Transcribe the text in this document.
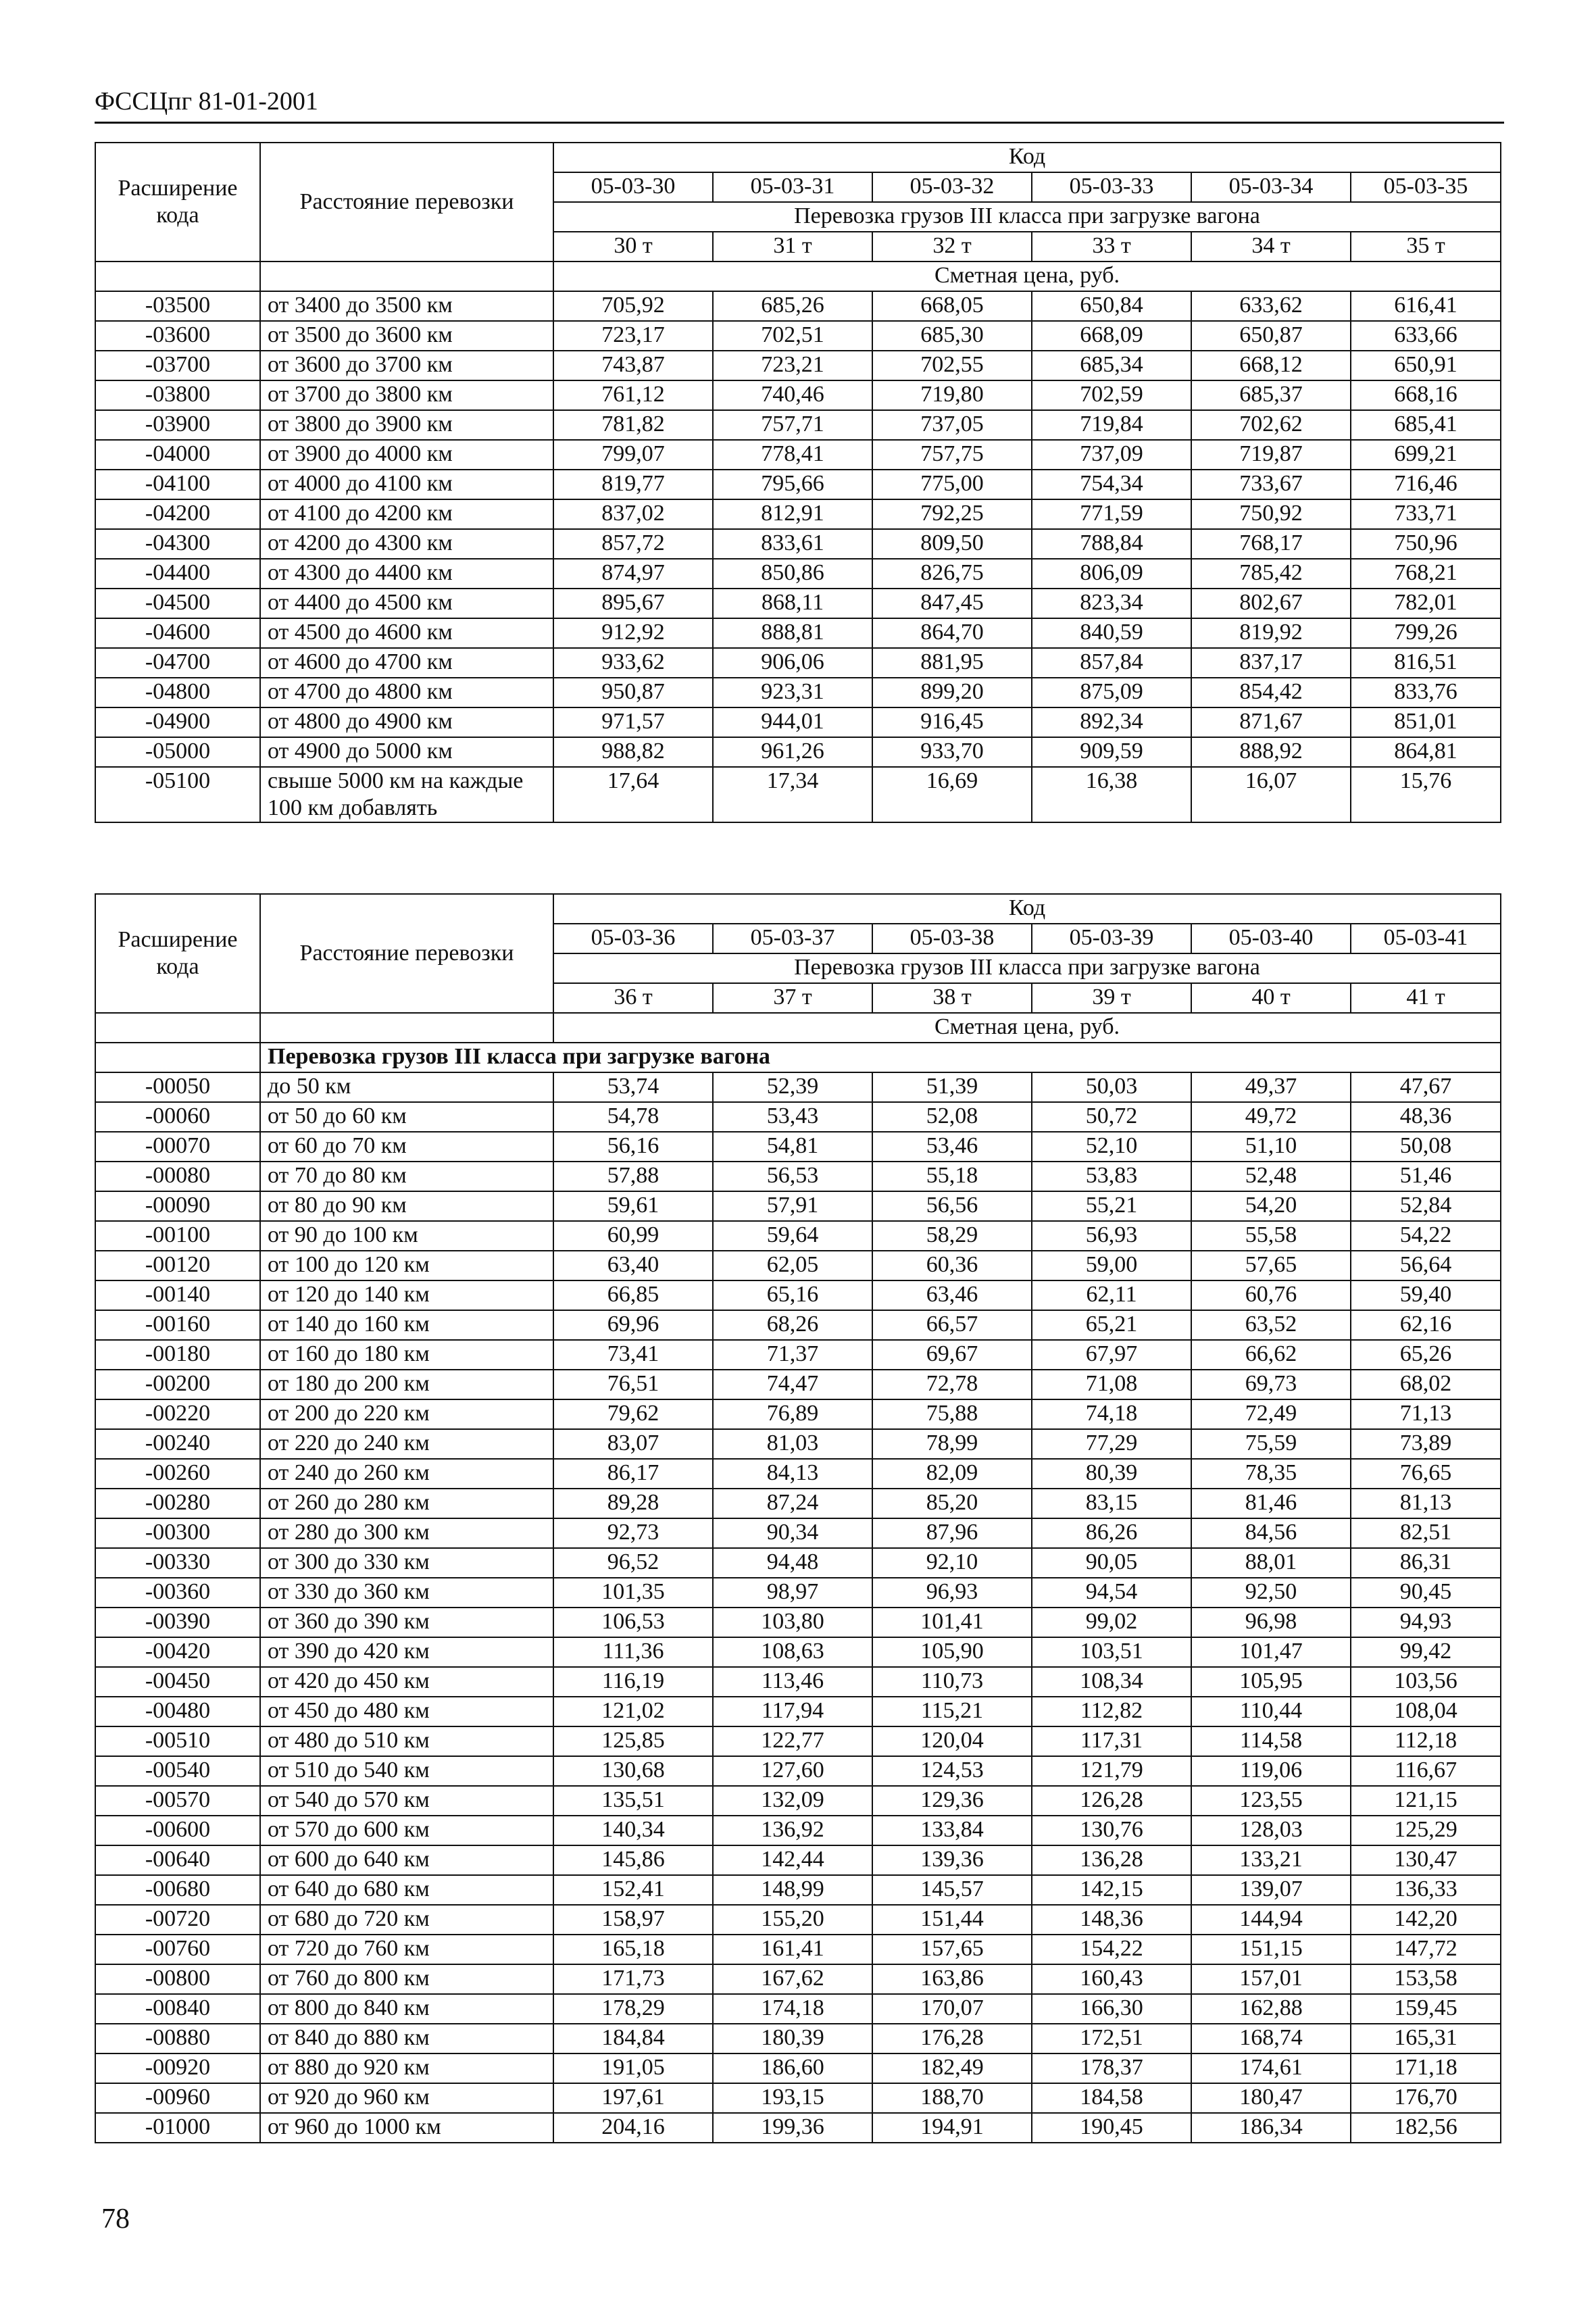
ФССЦпг 81-01-2001
Расширение кода	Расстояние перевозки	Код					
		05-03-30	05-03-31	05-03-32	05-03-33	05-03-34	05-03-35
		Перевозка грузов III класса при загрузке вагона					
		30 т	31 т	32 т	33 т	34 т	35 т
		Сметная цена, руб.					
-03500	от 3400 до 3500 км	705,92	685,26	668,05	650,84	633,62	616,41
-03600	от 3500 до 3600 км	723,17	702,51	685,30	668,09	650,87	633,66
-03700	от 3600 до 3700 км	743,87	723,21	702,55	685,34	668,12	650,91
-03800	от 3700 до 3800 км	761,12	740,46	719,80	702,59	685,37	668,16
-03900	от 3800 до 3900 км	781,82	757,71	737,05	719,84	702,62	685,41
-04000	от 3900 до 4000 км	799,07	778,41	757,75	737,09	719,87	699,21
-04100	от 4000 до 4100 км	819,77	795,66	775,00	754,34	733,67	716,46
-04200	от 4100 до 4200 км	837,02	812,91	792,25	771,59	750,92	733,71
-04300	от 4200 до 4300 км	857,72	833,61	809,50	788,84	768,17	750,96
-04400	от 4300 до 4400 км	874,97	850,86	826,75	806,09	785,42	768,21
-04500	от 4400 до 4500 км	895,67	868,11	847,45	823,34	802,67	782,01
-04600	от 4500 до 4600 км	912,92	888,81	864,70	840,59	819,92	799,26
-04700	от 4600 до 4700 км	933,62	906,06	881,95	857,84	837,17	816,51
-04800	от 4700 до 4800 км	950,87	923,31	899,20	875,09	854,42	833,76
-04900	от 4800 до 4900 км	971,57	944,01	916,45	892,34	871,67	851,01
-05000	от 4900 до 5000 км	988,82	961,26	933,70	909,59	888,92	864,81
-05100	свыше 5000 км на каждые 100 км добавлять	17,64	17,34	16,69	16,38	16,07	15,76
Расширение кода	Расстояние перевозки	Код					
		05-03-36	05-03-37	05-03-38	05-03-39	05-03-40	05-03-41
		Перевозка грузов III класса при загрузке вагона					
		36 т	37 т	38 т	39 т	40 т	41 т
		Сметная цена, руб.					
	Перевозка грузов III класса при загрузке вагона						
-00050	до 50 км	53,74	52,39	51,39	50,03	49,37	47,67
-00060	от 50 до 60 км	54,78	53,43	52,08	50,72	49,72	48,36
-00070	от 60 до 70 км	56,16	54,81	53,46	52,10	51,10	50,08
-00080	от 70 до 80 км	57,88	56,53	55,18	53,83	52,48	51,46
-00090	от 80 до 90 км	59,61	57,91	56,56	55,21	54,20	52,84
-00100	от 90 до 100 км	60,99	59,64	58,29	56,93	55,58	54,22
-00120	от 100 до 120 км	63,40	62,05	60,36	59,00	57,65	56,64
-00140	от 120 до 140 км	66,85	65,16	63,46	62,11	60,76	59,40
-00160	от 140 до 160 км	69,96	68,26	66,57	65,21	63,52	62,16
-00180	от 160 до 180 км	73,41	71,37	69,67	67,97	66,62	65,26
-00200	от 180 до 200 км	76,51	74,47	72,78	71,08	69,73	68,02
-00220	от 200 до 220 км	79,62	76,89	75,88	74,18	72,49	71,13
-00240	от 220 до 240 км	83,07	81,03	78,99	77,29	75,59	73,89
-00260	от 240 до 260 км	86,17	84,13	82,09	80,39	78,35	76,65
-00280	от 260 до 280 км	89,28	87,24	85,20	83,15	81,46	81,13
-00300	от 280 до 300 км	92,73	90,34	87,96	86,26	84,56	82,51
-00330	от 300 до 330 км	96,52	94,48	92,10	90,05	88,01	86,31
-00360	от 330 до 360 км	101,35	98,97	96,93	94,54	92,50	90,45
-00390	от 360 до 390 км	106,53	103,80	101,41	99,02	96,98	94,93
-00420	от 390 до 420 км	111,36	108,63	105,90	103,51	101,47	99,42
-00450	от 420 до 450 км	116,19	113,46	110,73	108,34	105,95	103,56
-00480	от 450 до 480 км	121,02	117,94	115,21	112,82	110,44	108,04
-00510	от 480 до 510 км	125,85	122,77	120,04	117,31	114,58	112,18
-00540	от 510 до 540 км	130,68	127,60	124,53	121,79	119,06	116,67
-00570	от 540 до 570 км	135,51	132,09	129,36	126,28	123,55	121,15
-00600	от 570 до 600 км	140,34	136,92	133,84	130,76	128,03	125,29
-00640	от 600 до 640 км	145,86	142,44	139,36	136,28	133,21	130,47
-00680	от 640 до 680 км	152,41	148,99	145,57	142,15	139,07	136,33
-00720	от 680 до 720 км	158,97	155,20	151,44	148,36	144,94	142,20
-00760	от 720 до 760 км	165,18	161,41	157,65	154,22	151,15	147,72
-00800	от 760 до 800 км	171,73	167,62	163,86	160,43	157,01	153,58
-00840	от 800 до 840 км	178,29	174,18	170,07	166,30	162,88	159,45
-00880	от 840 до 880 км	184,84	180,39	176,28	172,51	168,74	165,31
-00920	от 880 до 920 км	191,05	186,60	182,49	178,37	174,61	171,18
-00960	от 920 до 960 км	197,61	193,15	188,70	184,58	180,47	176,70
-01000	от 960 до 1000 км	204,16	199,36	194,91	190,45	186,34	182,56
78
